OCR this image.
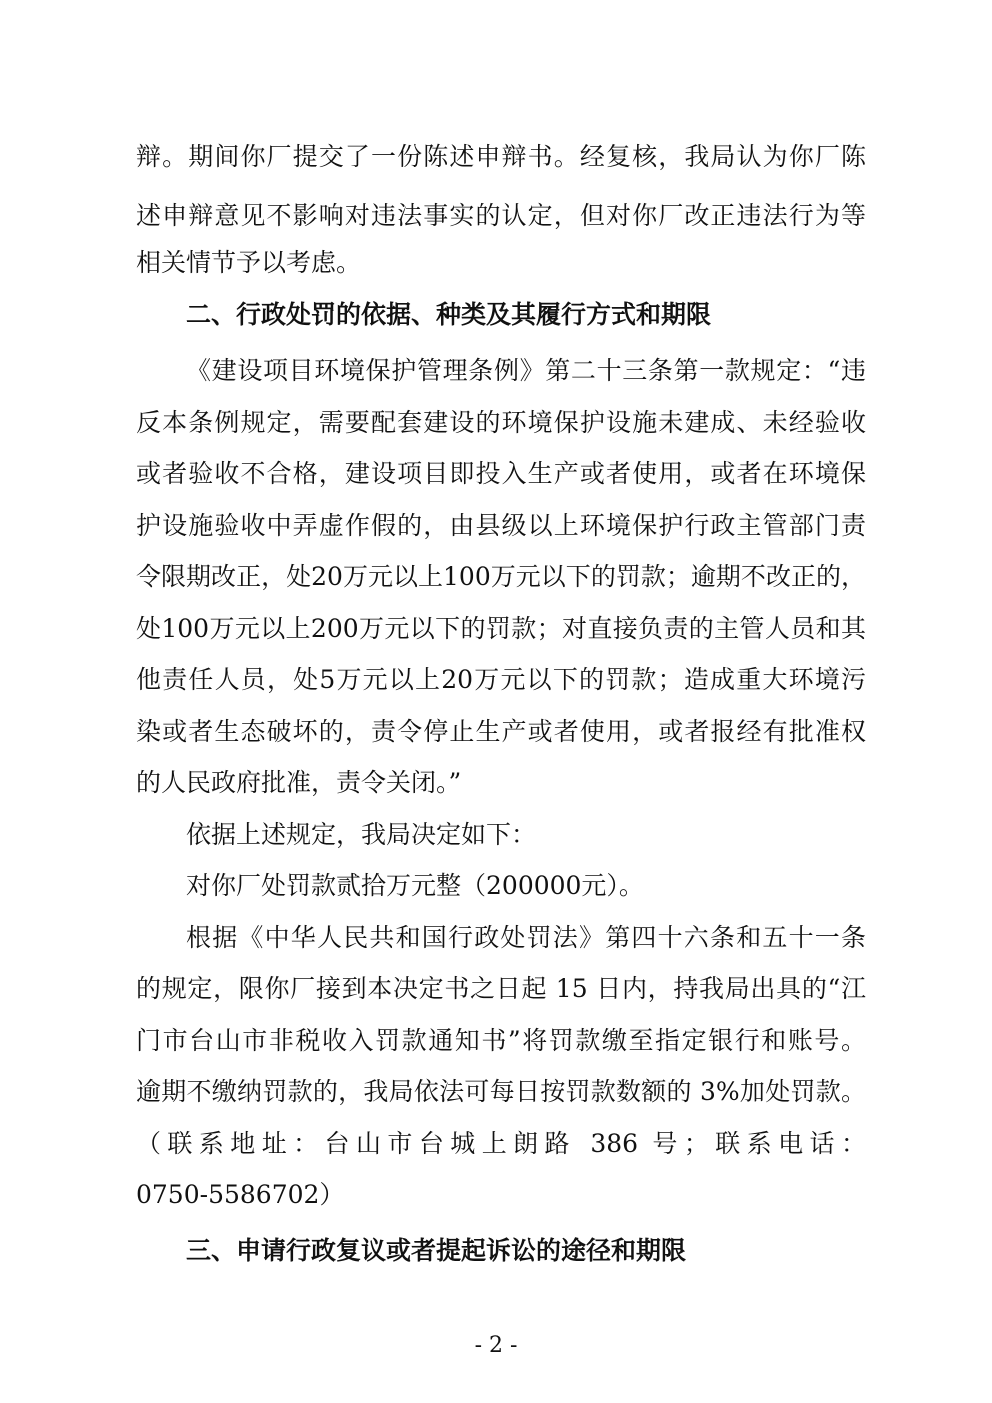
辩。期间你厂提交了一份陈述申辩书。经复核，我局认为你厂陈
述申辩意见不影响对违法事实的认定，但对你厂改正违法行为等
相关情节予以考虑。
二、行政处罚的依据、种类及其履行方式和期限
《建设项目环境保护管理条例》第二十三条第一款规定：“违
反本条例规定，需要配套建设的环境保护设施未建成、未经验收
或者验收不合格，建设项目即投入生产或者使用，或者在环境保
护设施验收中弄虚作假的，由县级以上环境保护行政主管部门责
令限期改正，处20万元以上100万元以下的罚款；逾期不改正的，
处100万元以上200万元以下的罚款；对直接负责的主管人员和其
他责任人员，处5万元以上20万元以下的罚款；造成重大环境污
染或者生态破坏的，责令停止生产或者使用，或者报经有批准权
的人民政府批准，责令关闭。”
依据上述规定，我局决定如下：
对你厂处罚款贰拾万元整（200000元）。
根据《中华人民共和国行政处罚法》第四十六条和五十一条
的规定，限你厂接到本决定书之日起 15 日内，持我局出具的“江
门市台山市非税收入罚款通知书”将罚款缴至指定银行和账号。
逾期不缴纳罚款的，我局依法可每日按罚款数额的 3%加处罚款。
（联系地址：台山市台城上朗路 386 号；联系电话：
0750-5586702）
三、申请行政复议或者提起诉讼的途径和期限
- 2 -
